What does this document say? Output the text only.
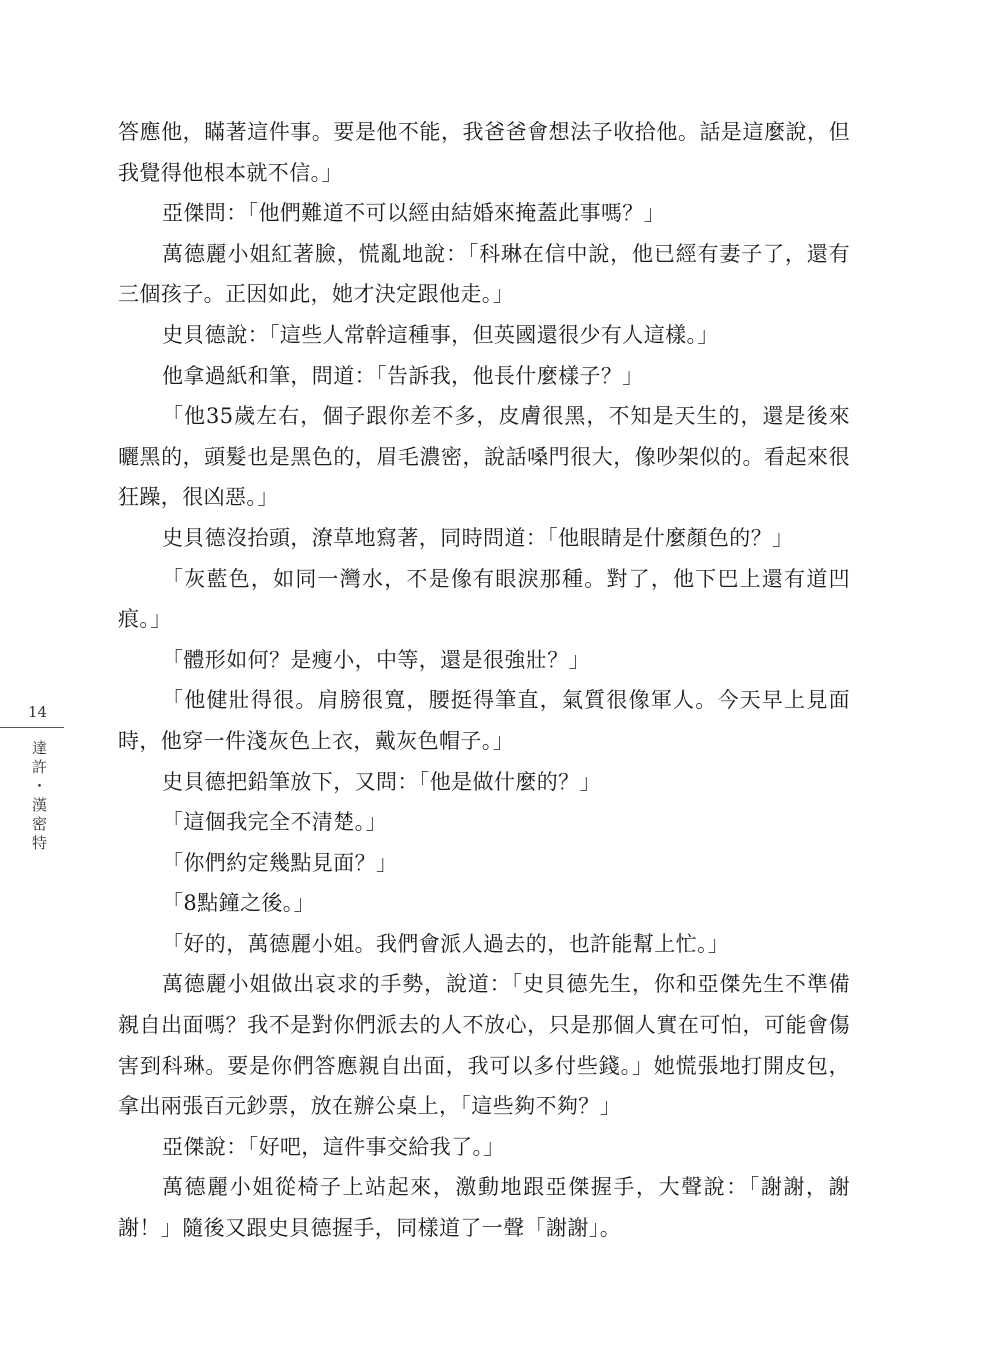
答應他，瞞著這件事。要是他不能，我爸爸會想法子收拾他。話是這麼說，但我覺得他根本就不信。」

亞傑問：「他們難道不可以經由結婚來掩蓋此事嗎？」

萬德麗小姐紅著臉，慌亂地說：「科琳在信中說，他已經有妻子了，還有三個孩子。正因如此，她才決定跟他走。」

史貝德說：「這些人常幹這種事，但英國還很少有人這樣。」

他拿過紙和筆，問道：「告訴我，他長什麼樣子？」

「他35歲左右，個子跟你差不多，皮膚很黑，不知是天生的，還是後來曬黑的，頭髮也是黑色的，眉毛濃密，說話嗓門很大，像吵架似的。看起來很狂躁，很凶惡。」

史貝德沒抬頭，潦草地寫著，同時問道：「他眼睛是什麼顏色的？」

「灰藍色，如同一灣水，不是像有眼淚那種。對了，他下巴上還有道凹痕。」

「體形如何？是瘦小，中等，還是很強壯？」

「他健壯得很。肩膀很寬，腰挺得筆直，氣質很像軍人。今天早上見面時，他穿一件淺灰色上衣，戴灰色帽子。」

史貝德把鉛筆放下，又問：「他是做什麼的？」

「這個我完全不清楚。」

「你們約定幾點見面？」

「8點鐘之後。」

「好的，萬德麗小姐。我們會派人過去的，也許能幫上忙。」

萬德麗小姐做出哀求的手勢，說道：「史貝德先生，你和亞傑先生不準備親自出面嗎？我不是對你們派去的人不放心，只是那個人實在可怕，可能會傷害到科琳。要是你們答應親自出面，我可以多付些錢。」她慌張地打開皮包，拿出兩張百元鈔票，放在辦公桌上，「這些夠不夠？」

亞傑說：「好吧，這件事交給我了。」

萬德麗小姐從椅子上站起來，激動地跟亞傑握手，大聲說：「謝謝，謝謝！」隨後又跟史貝德握手，同樣道了一聲「謝謝」。

14
達許・漢密特
